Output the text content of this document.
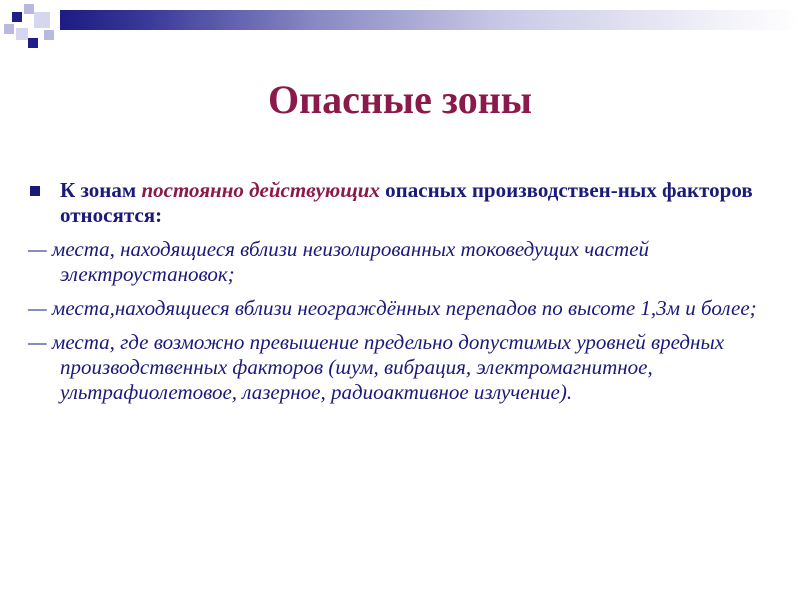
Опасные зоны
К зонам постоянно действующих опасных производствен-ных факторов относятся:
— места, находящиеся вблизи неизолированных токоведущих частей электроустановок;
— места,находящиеся вблизи неограждённых перепадов по высоте 1,3м и более;
— места, где возможно превышение предельно допустимых уровней вредных производственных факторов (шум, вибрация, электромагнитное, ультрафиолетовое, лазерное, радиоактивное излучение).
